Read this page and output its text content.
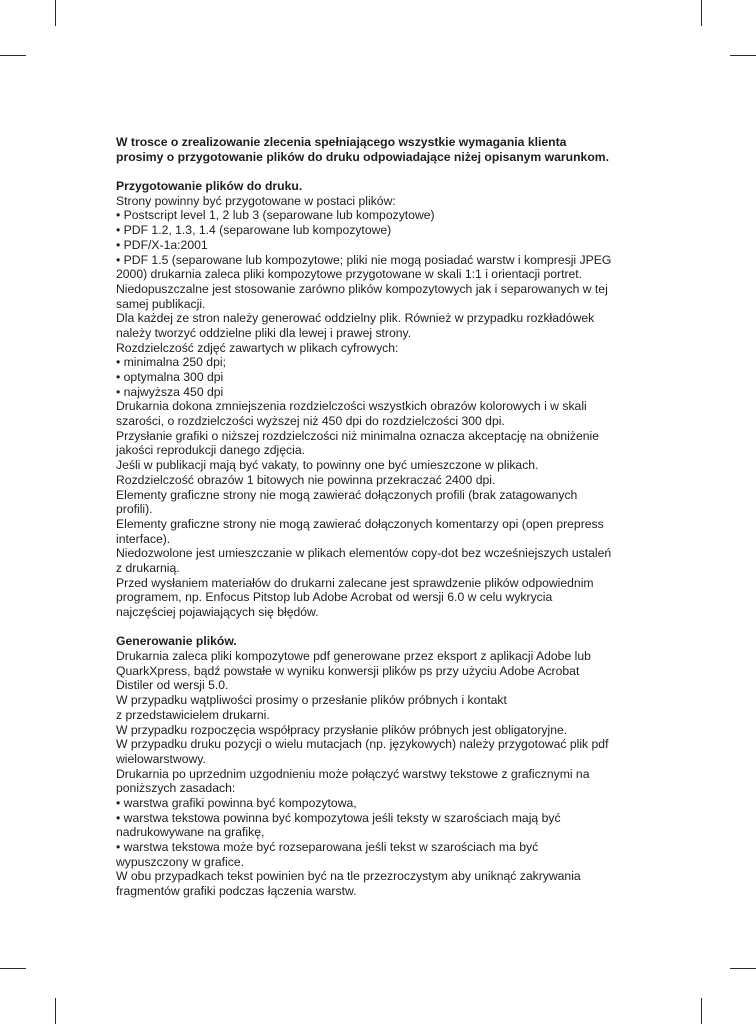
W trosce o zrealizowanie zlecenia spełniającego wszystkie wymagania klienta
prosimy o przygotowanie plików do druku odpowiadające niżej opisanym warunkom.
Przygotowanie plików do druku.
Strony powinny być przygotowane w postaci plików:
• Postscript level 1, 2 lub 3 (separowane lub kompozytowe)
• PDF 1.2, 1.3, 1.4 (separowane lub kompozytowe)
• PDF/X-1a:2001
• PDF 1.5 (separowane lub kompozytowe; pliki nie mogą posiadać warstw i kompresji JPEG
2000) drukarnia zaleca pliki kompozytowe przygotowane w skali 1:1 i orientacji portret.
Niedopuszczalne jest stosowanie zarówno plików kompozytowych jak i separowanych w tej
samej publikacji.
Dla każdej ze stron należy generować oddzielny plik. Również w przypadku rozkładówek
należy tworzyć oddzielne pliki dla lewej i prawej strony.
Rozdzielczość zdjęć zawartych w plikach cyfrowych:
• minimalna 250 dpi;
• optymalna 300 dpi
• najwyższa 450 dpi
Drukarnia dokona zmniejszenia rozdzielczości wszystkich obrazów kolorowych i w skali
szarości, o rozdzielczości wyższej niż 450 dpi do rozdzielczości 300 dpi.
Przysłanie grafiki o niższej rozdzielczości niż minimalna oznacza akceptację na obniżenie
jakości reprodukcji danego zdjęcia.
Jeśli w publikacji mają być vakaty, to powinny one być umieszczone w plikach.
Rozdzielczość obrazów 1 bitowych nie powinna przekraczać 2400 dpi.
Elementy graficzne strony nie mogą zawierać dołączonych profili (brak zatagowanych
profili).
Elementy graficzne strony nie mogą zawierać dołączonych komentarzy opi (open prepress
interface).
Niedozwolone jest umieszczanie w plikach elementów copy-dot bez wcześniejszych ustaleń
z drukarnią.
Przed wysłaniem materiałów do drukarni zalecane jest sprawdzenie plików odpowiednim
programem, np. Enfocus Pitstop lub Adobe Acrobat od wersji 6.0 w celu wykrycia
najczęściej pojawiających się błędów.
Generowanie plików.
Drukarnia zaleca pliki kompozytowe pdf generowane przez eksport z aplikacji Adobe lub
QuarkXpress, bądź powstałe w wyniku konwersji plików ps przy użyciu Adobe Acrobat
Distiler od wersji 5.0.
W przypadku wątpliwości prosimy o przesłanie plików próbnych i kontakt
z przedstawicielem drukarni.
W przypadku rozpoczęcia współpracy przysłanie plików próbnych jest obligatoryjne.
W przypadku druku pozycji o wielu mutacjach (np. językowych) należy przygotować plik pdf
wielowarstwowy.
Drukarnia po uprzednim uzgodnieniu może połączyć warstwy tekstowe z graficznymi na
poniższych zasadach:
• warstwa grafiki powinna być kompozytowa,
• warstwa tekstowa powinna być kompozytowa jeśli teksty w szarościach mają być
nadrukowywane na grafikę,
• warstwa tekstowa może być rozseparowana jeśli tekst w szarościach ma być
wypuszczony w grafice.
W obu przypadkach tekst powinien być na tle przezroczystym aby uniknąć zakrywania
fragmentów grafiki podczas łączenia warstw.
